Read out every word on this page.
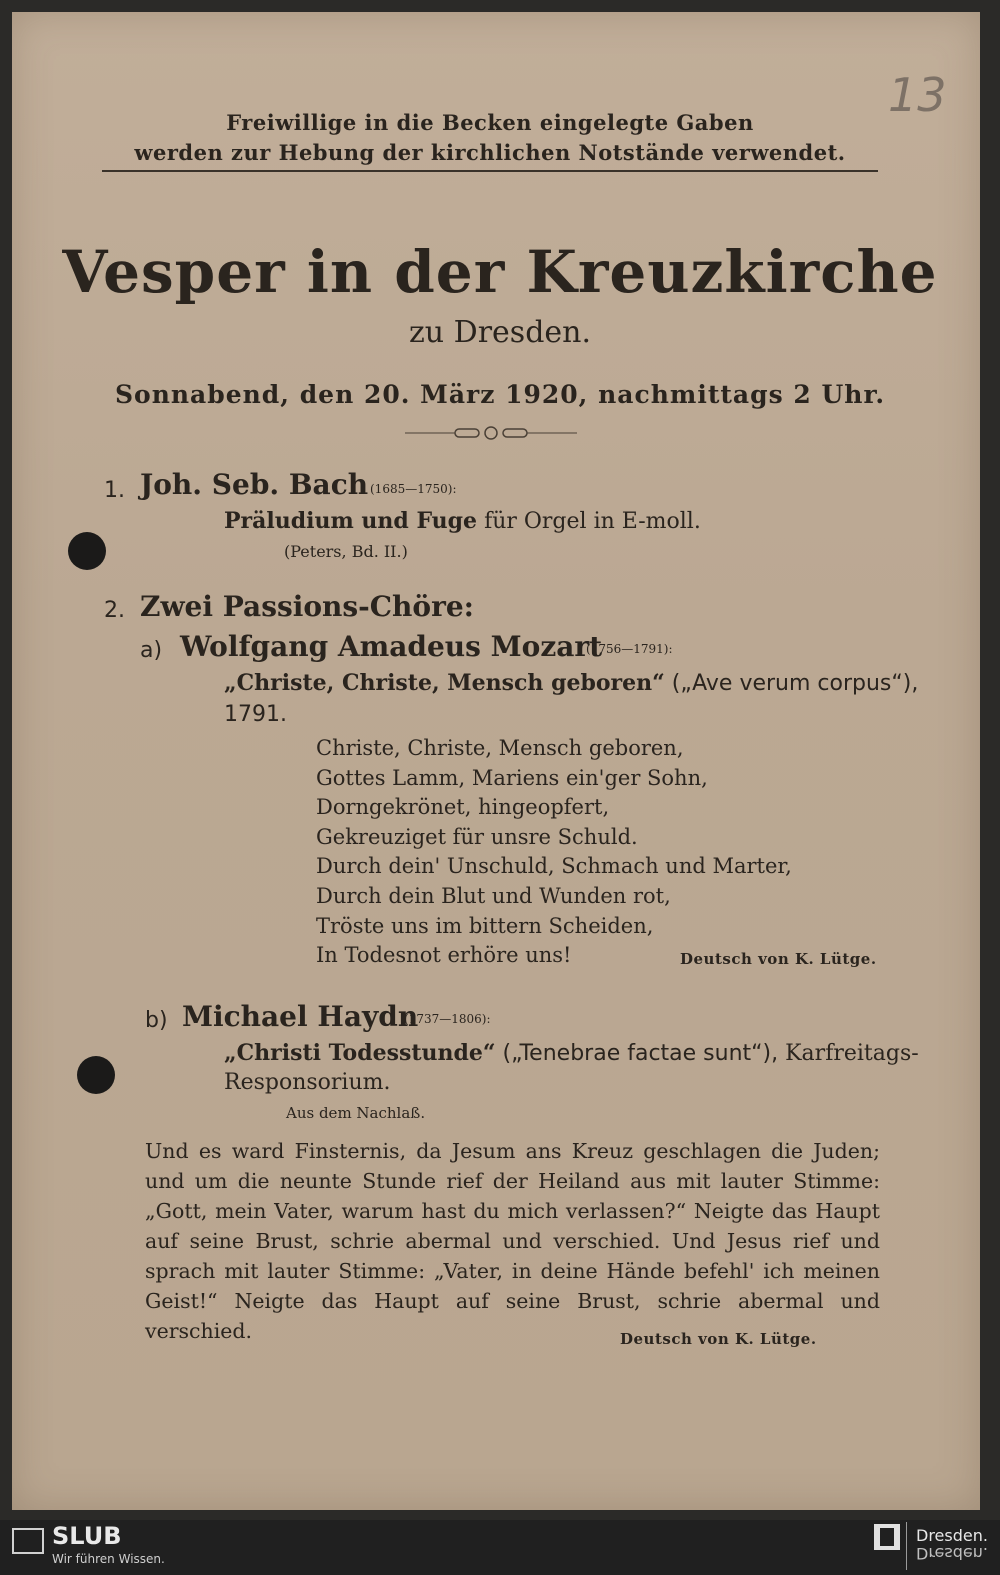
13
Freiwillige in die Becken eingelegte Gaben
werden zur Hebung der kirchlichen Notstände verwendet.
Vesper in der Kreuzkirche
zu Dresden.
Sonnabend, den 20. März 1920, nachmittags 2 Uhr.
1. Joh. Seb. Bach (1685—1750):
Präludium und Fuge für Orgel in E-moll.
(Peters, Bd. II.)
2. Zwei Passions-Chöre:
a) Wolfgang Amadeus Mozart
(1756—1791):
„Christe, Christe, Mensch geboren“ („Ave verum corpus“),
1791.
Christe, Christe, Mensch geboren,
Gottes Lamm, Mariens ein'ger Sohn,
Dorngekrönet, hingeopfert,
Gekreuziget für unsre Schuld.
Durch dein' Unschuld, Schmach und Marter,
Durch dein Blut und Wunden rot,
Tröste uns im bittern Scheiden,
In Todesnot erhöre uns!	Deutsch von K. Lütge.
b) Michael Haydn
(1737—1806):
„Christi Todesstunde“ („Tenebrae factae sunt“), Karfreitags-
Responsorium.
Aus dem Nachlaß.
Und es ward Finsternis, da Jesum ans Kreuz geschlagen die Juden; und um die neunte Stunde rief der Heiland aus mit lauter Stimme: „Gott, mein Vater, warum hast du mich verlassen?“ Neigte das Haupt auf seine Brust, schrie abermal und verschied. Und Jesus rief und sprach mit lauter Stimme: „Vater, in deine Hände befehl' ich meinen Geist!“ Neigte das Haupt auf seine Brust, schrie abermal und verschied.	Deutsch von K. Lütge.
SLUB
Wir führen Wissen.
Dresden.
Dresden.
